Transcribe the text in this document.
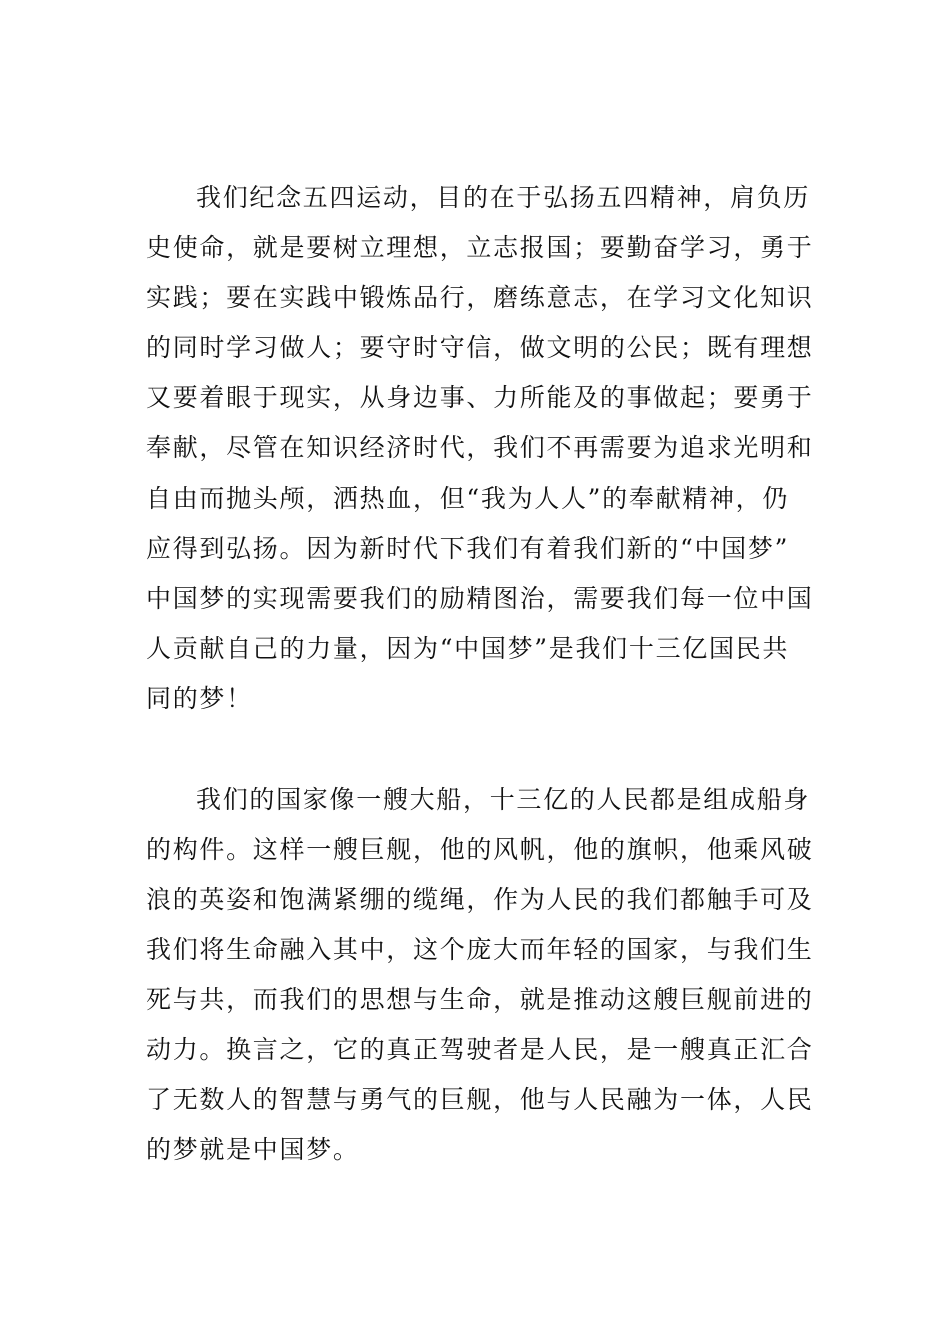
我们纪念五四运动，目的在于弘扬五四精神，肩负历
史使命，就是要树立理想，立志报国；要勤奋学习，勇于
实践；要在实践中锻炼品行，磨练意志，在学习文化知识
的同时学习做人；要守时守信，做文明的公民；既有理想
又要着眼于现实，从身边事、力所能及的事做起；要勇于
奉献，尽管在知识经济时代，我们不再需要为追求光明和
自由而抛头颅，洒热血，但“我为人人”的奉献精神，仍
应得到弘扬。因为新时代下我们有着我们新的“中国梦”
中国梦的实现需要我们的励精图治，需要我们每一位中国
人贡献自己的力量，因为“中国梦”是我们十三亿国民共
同的梦！
我们的国家像一艘大船，十三亿的人民都是组成船身
的构件。这样一艘巨舰，他的风帆，他的旗帜，他乘风破
浪的英姿和饱满紧绷的缆绳，作为人民的我们都触手可及
我们将生命融入其中，这个庞大而年轻的国家，与我们生
死与共，而我们的思想与生命，就是推动这艘巨舰前进的
动力。换言之，它的真正驾驶者是人民，是一艘真正汇合
了无数人的智慧与勇气的巨舰，他与人民融为一体，人民
的梦就是中国梦。
